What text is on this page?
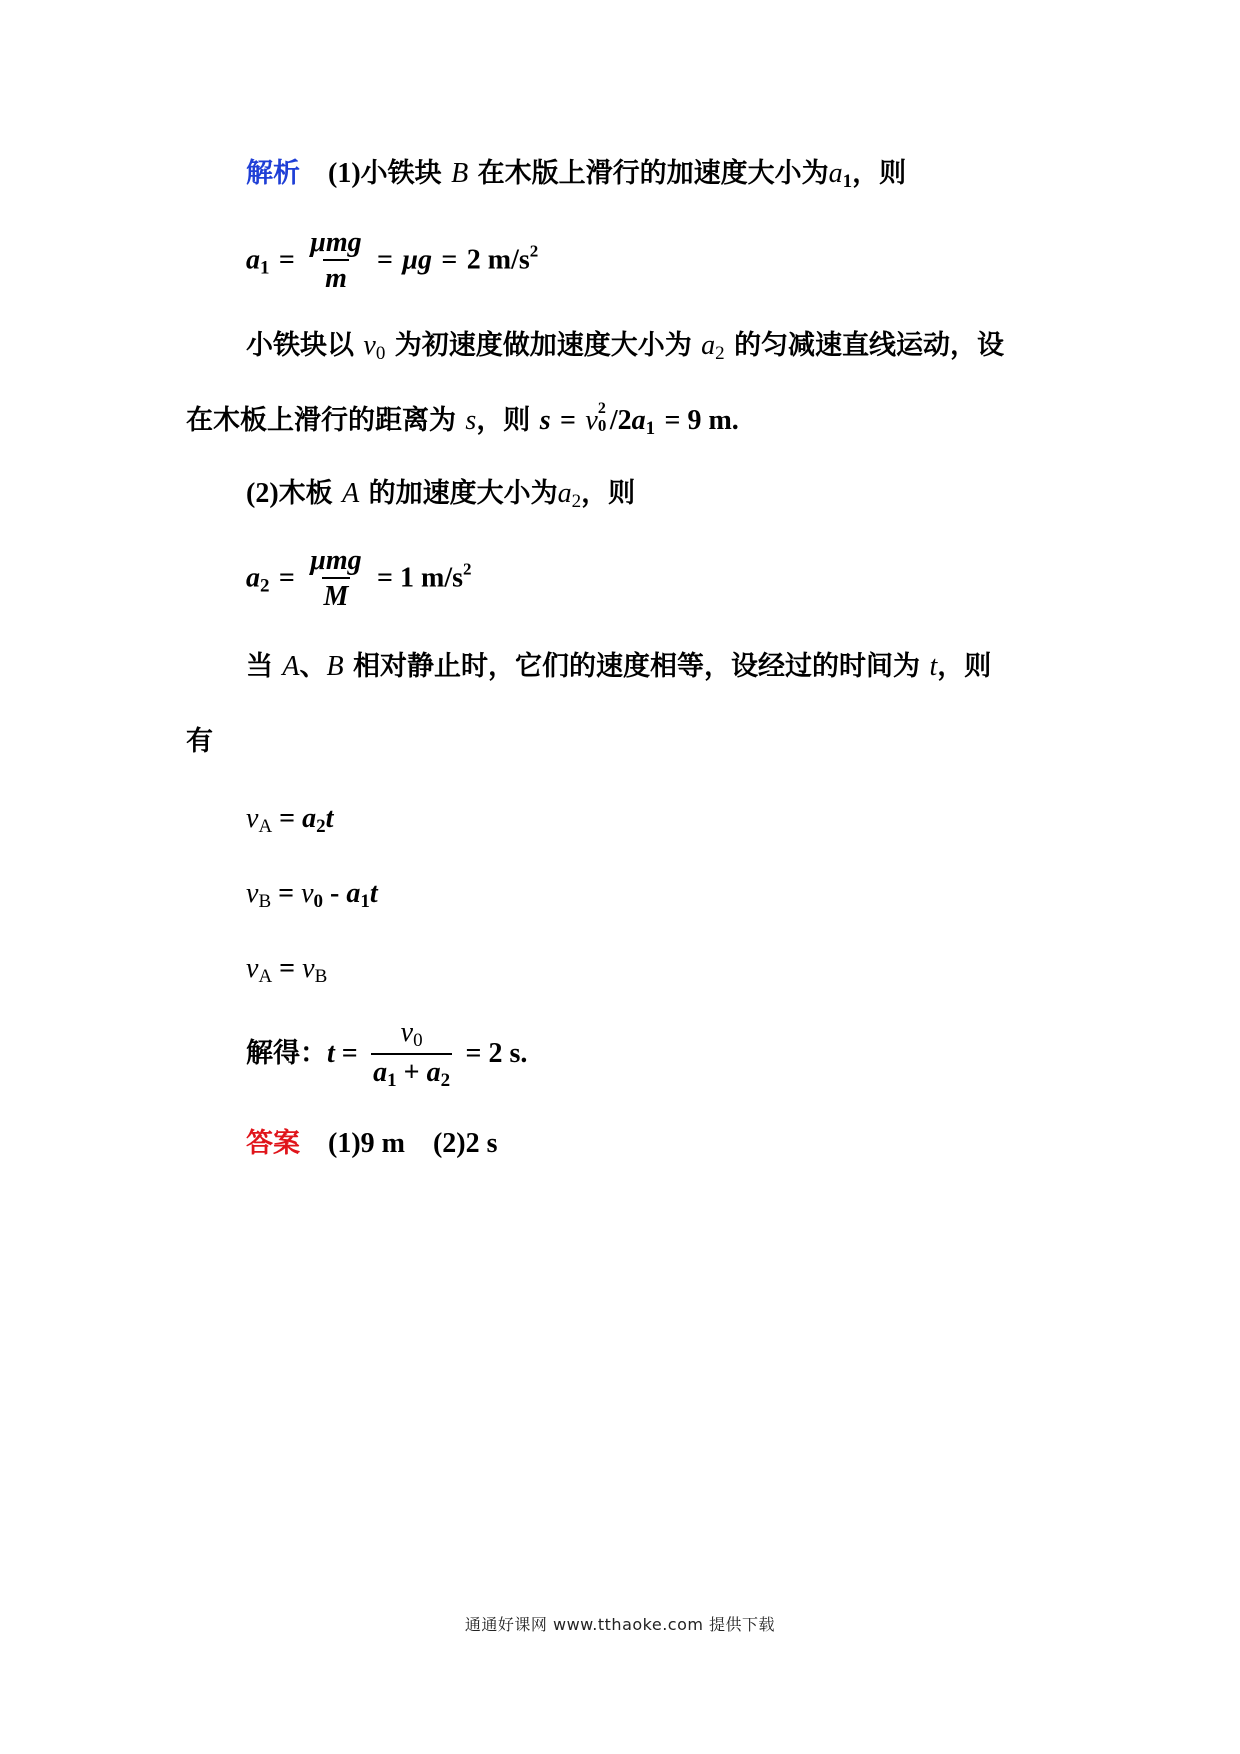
解析 (1)小铁块 B 在木版上滑行的加速度大小为$a_1$，则
$a_1 = \frac{\text{μmg}}{m} = \mu g = 2$ $m/s^2$
小铁块以 $v_0$ 为初速度做加速度大小为 $a_2$ 的匀减速直线运动，设
在木板上滑行的距离为 s，则 s = v 2
0 $/2a_1 = 9$ m.
(2)木板 A 的加速度大小为$a_2$，则
$a_2 = \frac{\text{μmg}}{M} = 1$ $m/s^2$
当 A、B 相对静止时，它们的速度相等，设经过的时间为 t，则
有
$v_A = a_2t$
$v_B = v_0 - a_1t$
$v_A = v_B$
解得：$t = \frac{v_0}{a_1 + a_2} = 2$ s.
答案 (1)9 m　(2)2 s
通通好课网 www.tthaoke.com 提供下载
